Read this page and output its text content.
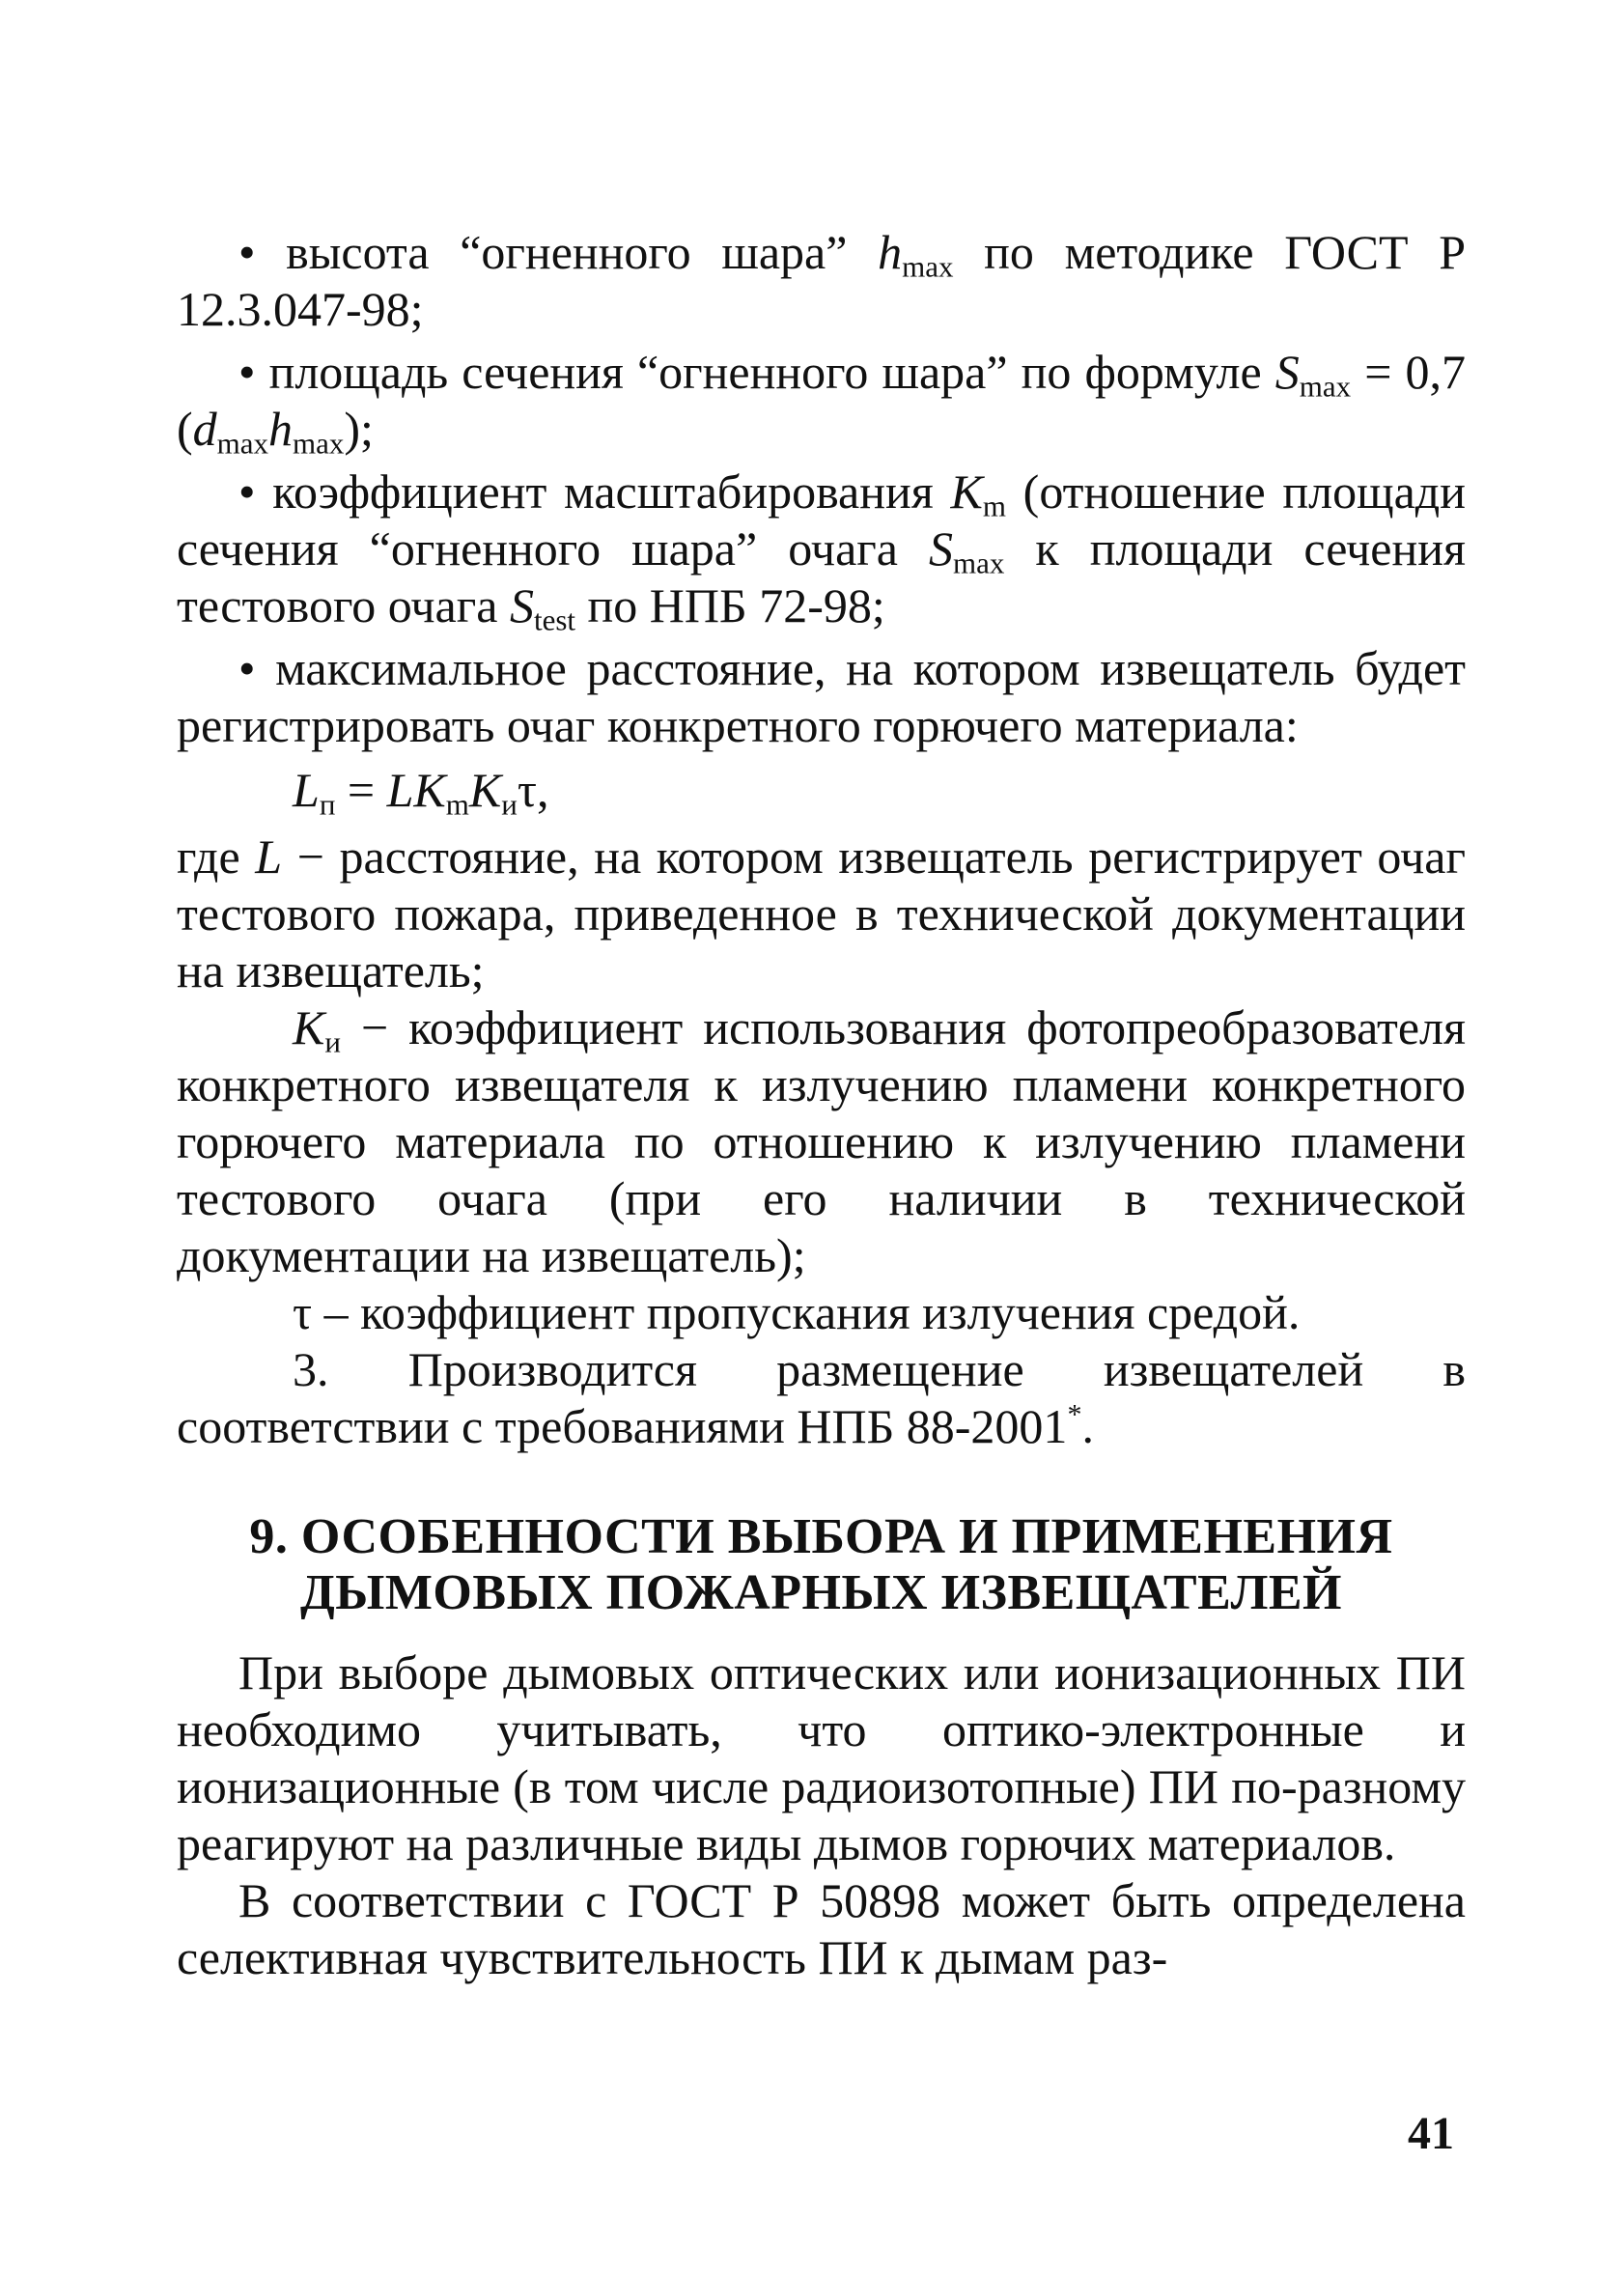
• высота “огненного шара” $h_{max}$ по методике ГОСТ Р 12.3.047-98;

• площадь сечения “огненного шара” по формуле $S_{max} = 0,7$ $(d_{max}h_{max})$;

• коэффициент масштабирования $K_m$ (отношение площади сечения “огненного шара” очага $S_{max}$ к площади сечения тестового очага $S_{test}$ по НПБ 72-98;

• максимальное расстояние, на котором извещатель будет регистрировать очаг конкретного горючего материала:

$L_п = LK_mK_и\tau$,

где L − расстояние, на котором извещатель регистрирует очаг тестового пожара, приведенное в технической документации на извещатель;

$K_и$ − коэффициент использования фотопреобразователя конкретного извещателя к излучению пламени конкретного горючего материала по отношению к излучению пламени тестового очага (при его наличии в технической документации на извещатель);

τ – коэффициент пропускания излучения средой.

3. Производится размещение извещателей в соответствии с требованиями НПБ 88-2001*.

9. ОСОБЕННОСТИ ВЫБОРА И ПРИМЕНЕНИЯ
ДЫМОВЫХ ПОЖАРНЫХ ИЗВЕЩАТЕЛЕЙ

При выборе дымовых оптических или ионизационных ПИ необходимо учитывать, что оптико-электронные и ионизационные (в том числе радиоизотопные) ПИ по-разному реагируют на различные виды дымов горючих материалов.

В соответствии с ГОСТ Р 50898 может быть определена селективная чувствительность ПИ к дымам раз-

41
